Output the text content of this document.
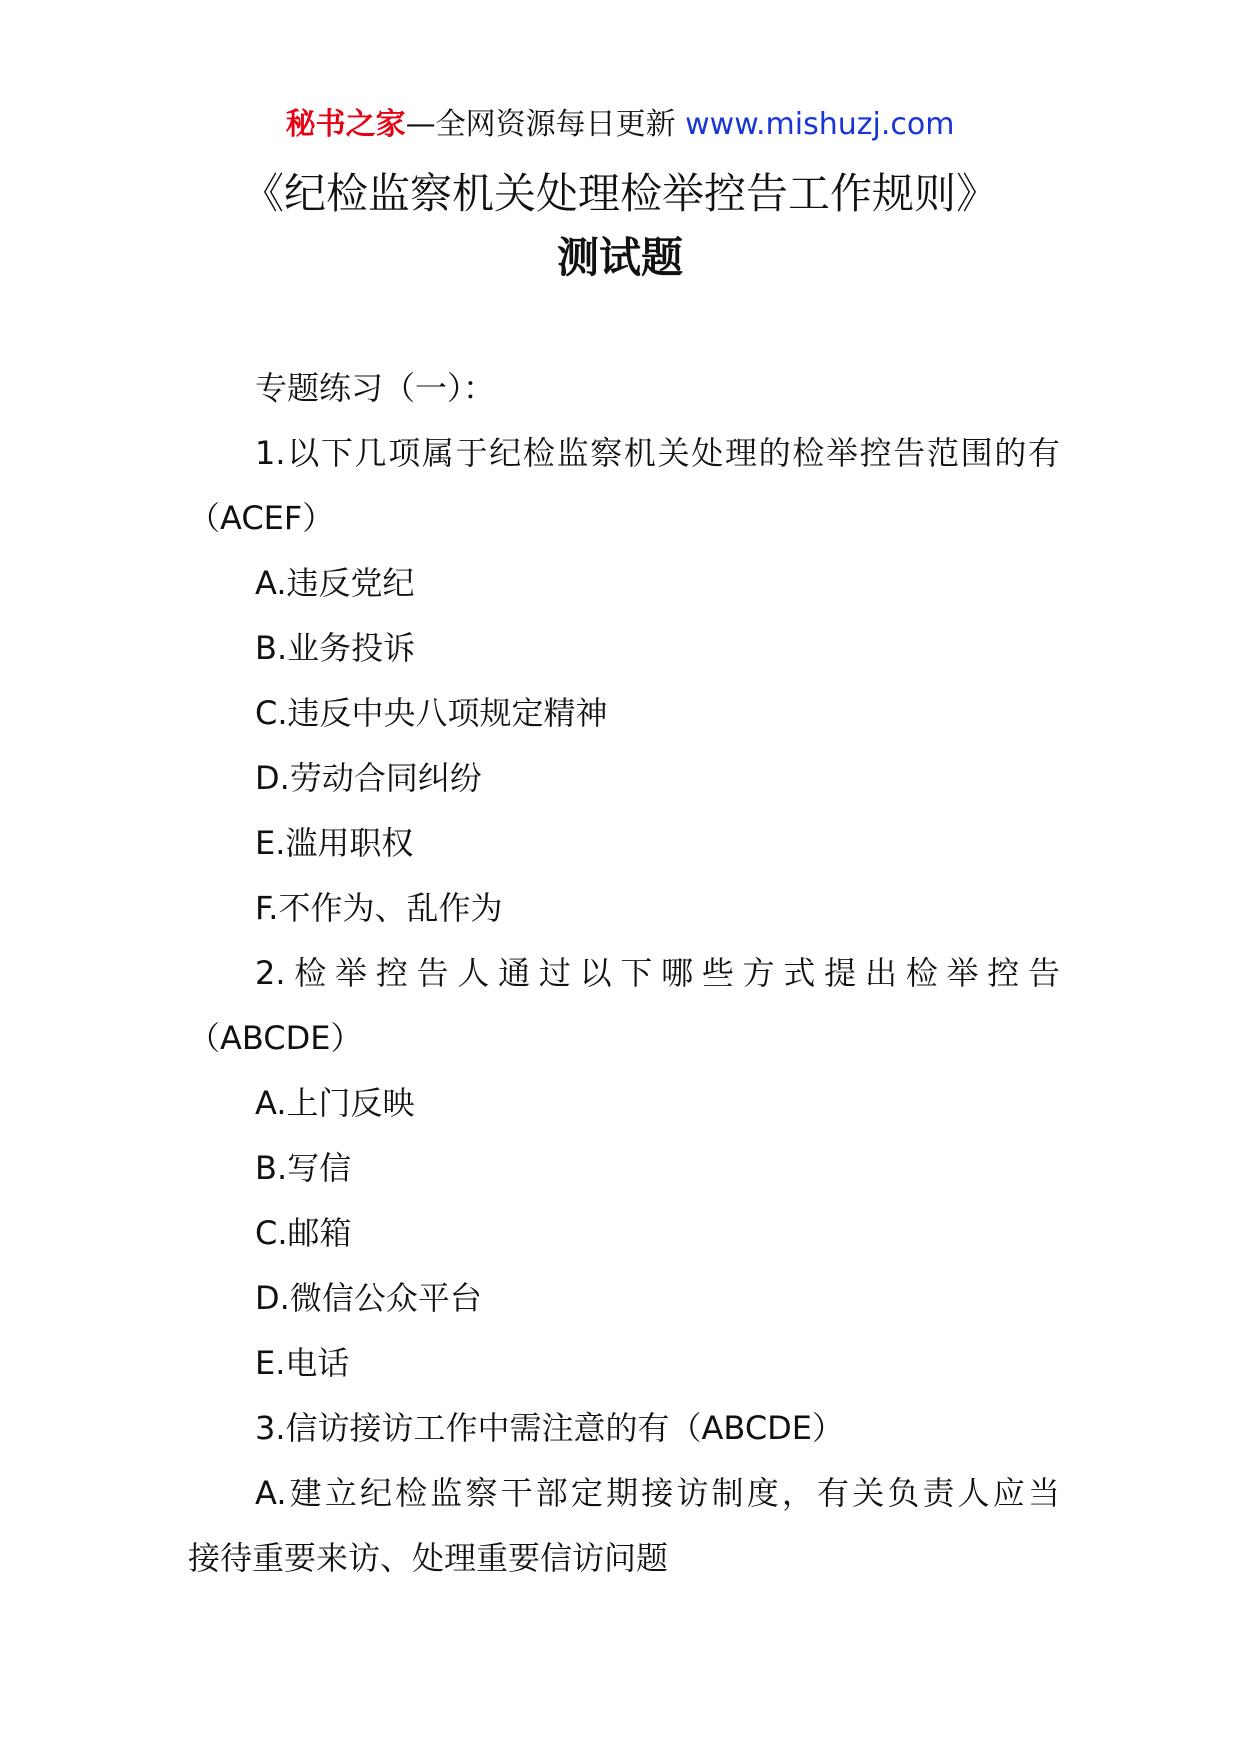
秘书之家—全网资源每日更新 www.mishuzj.com
《纪检监察机关处理检举控告工作规则》
测试题

专题练习（一）：

1.以下几项属于纪检监察机关处理的检举控告范围的有

（ACEF）

A.违反党纪

B.业务投诉

C.违反中央八项规定精神

D.劳动合同纠纷

E.滥用职权

F.不作为、乱作为

2.检举控告人通过以下哪些方式提出检举控告

（ABCDE）

A.上门反映

B.写信

C.邮箱

D.微信公众平台

E.电话

3.信访接访工作中需注意的有（ABCDE）

A.建立纪检监察干部定期接访制度，有关负责人应当

接待重要来访、处理重要信访问题
